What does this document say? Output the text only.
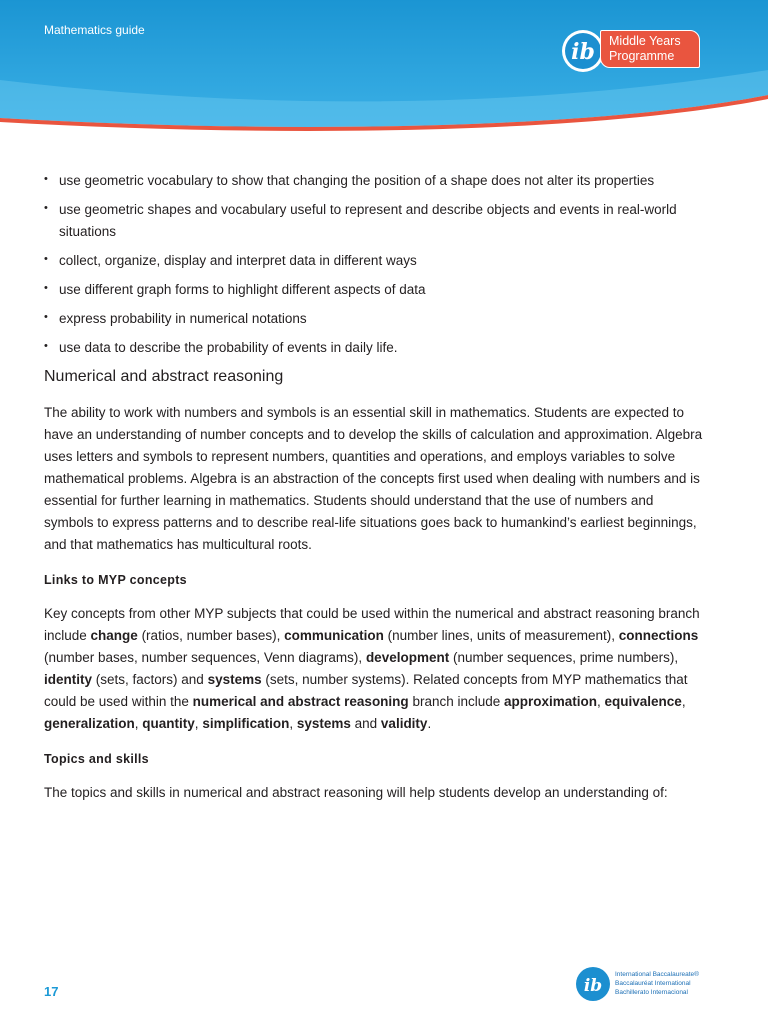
Mathematics guide
ib Middle Years
Programme
• use geometric vocabulary to show that changing the position of a shape does not alter its properties
• use geometric shapes and vocabulary useful to represent and describe objects and events in real-world situations
• collect, organize, display and interpret data in different ways
• use different graph forms to highlight different aspects of data
• express probability in numerical notations
• use data to describe the probability of events in daily life.
Numerical and abstract reasoning

The ability to work with numbers and symbols is an essential skill in mathematics. Students are expected to have an understanding of number concepts and to develop the skills of calculation and approximation. Algebra uses letters and symbols to represent numbers, quantities and operations, and employs variables to solve mathematical problems. Algebra is an abstraction of the concepts first used when dealing with numbers and is essential for further learning in mathematics. Students should understand that the use of numbers and symbols to express patterns and to describe real-life situations goes back to humankind’s earliest beginnings, and that mathematics has multicultural roots.

Links to MYP concepts

Key concepts from other MYP subjects that could be used within the numerical and abstract reasoning branch include change (ratios, number bases), communication (number lines, units of measurement), connections (number bases, number sequences, Venn diagrams), development (number sequences, prime numbers), identity (sets, factors) and systems (sets, number systems). Related concepts from MYP mathematics that could be used within the numerical and abstract reasoning branch include approximation, equivalence, generalization, quantity, simplification, systems and validity.

Topics and skills

The topics and skills in numerical and abstract reasoning will help students develop an understanding of:

17	ib
International Baccalaureate®
Baccalauréat International
Bachillerato Internacional
